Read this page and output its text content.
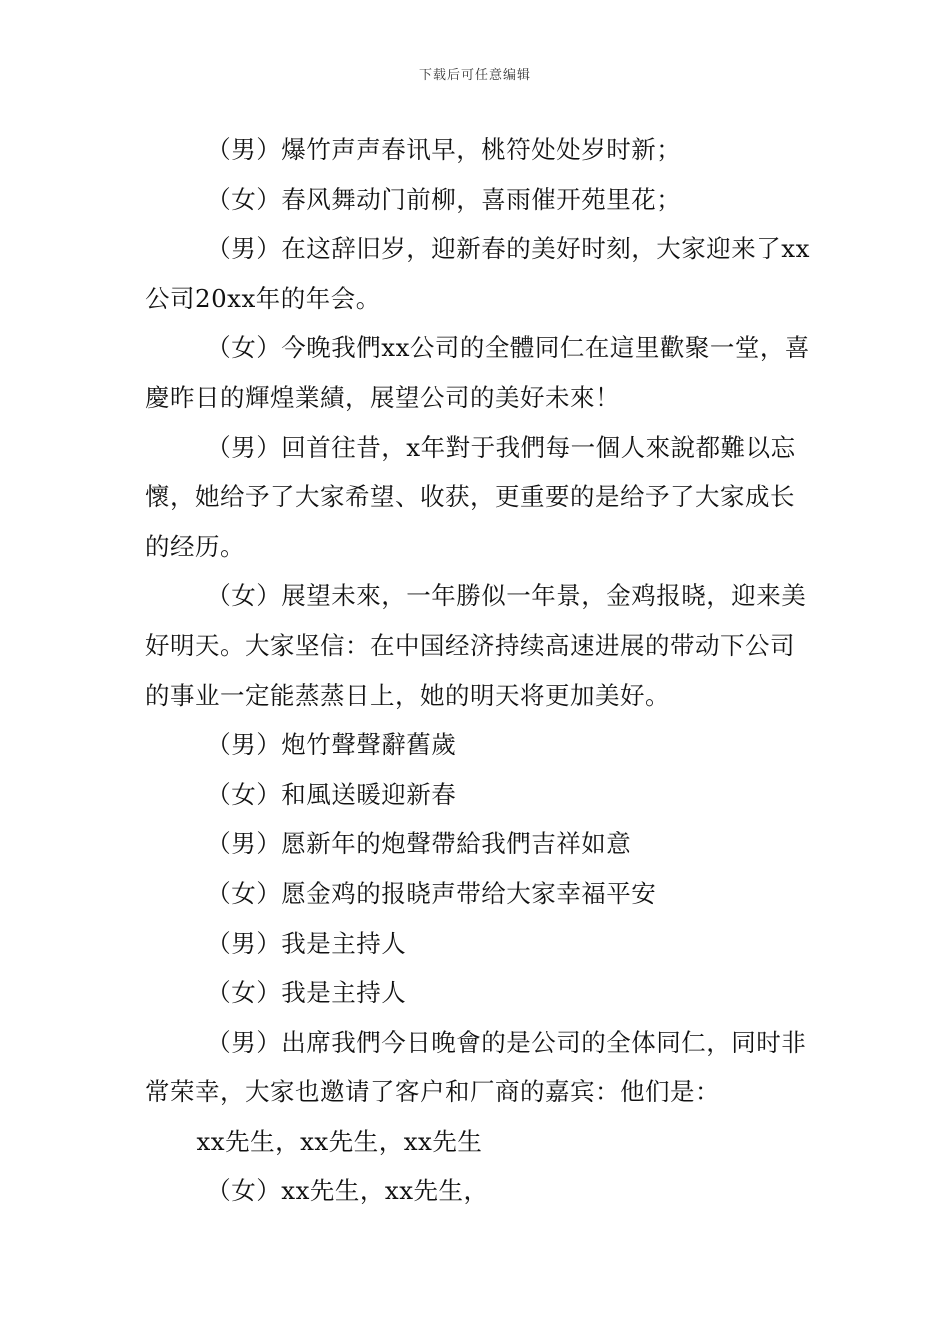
下载后可任意编辑

（男）爆竹声声春讯早，桃符处处岁时新；

（女）春风舞动门前柳，喜雨催开苑里花；

（男）在这辞旧岁，迎新春的美好时刻，大家迎来了xx公司20xx年的年会。

（女）今晚我們xx公司的全體同仁在這里歡聚一堂，喜慶昨日的輝煌業績，展望公司的美好未來！

（男）回首往昔，x年對于我們每一個人來說都難以忘懷，她给予了大家希望、收获，更重要的是给予了大家成长的经历。

（女）展望未來，一年勝似一年景，金鸡报晓，迎来美好明天。大家坚信：在中国经济持续高速进展的带动下公司的事业一定能蒸蒸日上，她的明天将更加美好。

（男）炮竹聲聲辭舊歲

（女）和風送暖迎新春

（男）愿新年的炮聲帶給我們吉祥如意

（女）愿金鸡的报晓声带给大家幸福平安

（男）我是主持人

（女）我是主持人

（男）出席我們今日晚會的是公司的全体同仁，同时非常荣幸，大家也邀请了客户和厂商的嘉宾：他们是：

xx先生，xx先生，xx先生

（女）xx先生，xx先生，
